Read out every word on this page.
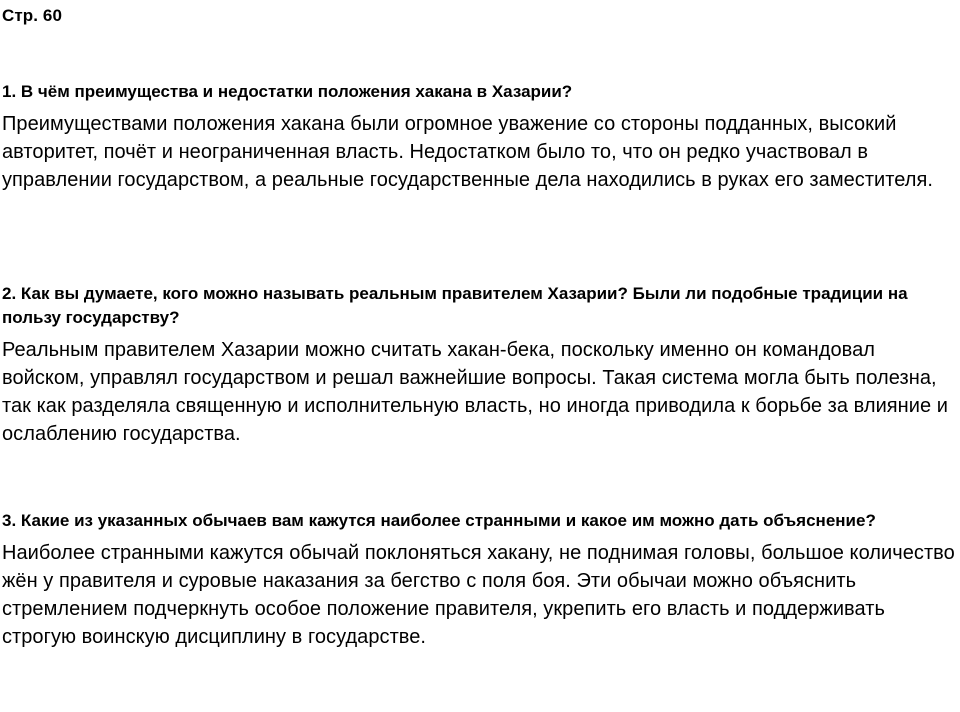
Стр. 60

1. В чём преимущества и недостатки положения хакана в Хазарии?

Преимуществами положения хакана были огромное уважение со стороны подданных, высокий авторитет, почёт и неограниченная власть. Недостатком было то, что он редко участвовал в управлении государством, а реальные государственные дела находились в руках его заместителя.

2. Как вы думаете, кого можно называть реальным правителем Хазарии? Были ли подобные традиции на пользу государству?

Реальным правителем Хазарии можно считать хакан-бека, поскольку именно он командовал войском, управлял государством и решал важнейшие вопросы. Такая система могла быть полезна, так как разделяла священную и исполнительную власть, но иногда приводила к борьбе за влияние и ослаблению государства.

3. Какие из указанных обычаев вам кажутся наиболее странными и какое им можно дать объяснение?

Наиболее странными кажутся обычай поклоняться хакану, не поднимая головы, большое количество жён у правителя и суровые наказания за бегство с поля боя. Эти обычаи можно объяснить стремлением подчеркнуть особое положение правителя, укрепить его власть и поддерживать строгую воинскую дисциплину в государстве.
